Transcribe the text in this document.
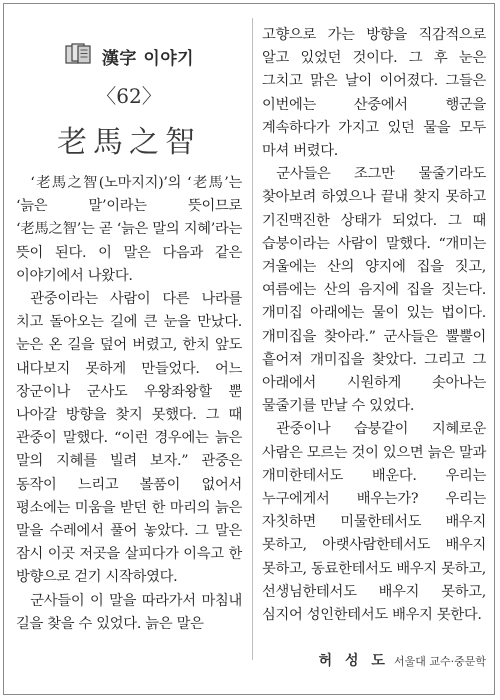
漢字 이야기
〈62〉
老馬之智

‘老馬之智(노마지지)’의 ‘老馬’는 ‘늙은 말’이라는 뜻이므로 ‘老馬之智’는 곧 ‘늙은 말의 지혜’라는 뜻이 된다. 이 말은 다음과 같은 이야기에서 나왔다.

관중이라는 사람이 다른 나라를 치고 돌아오는 길에 큰 눈을 만났다. 눈은 온 길을 덮어 버렸고, 한치 앞도 내다보지 못하게 만들었다. 어느 장군이나 군사도 우왕좌왕할 뿐 나아갈 방향을 찾지 못했다. 그 때 관중이 말했다. “이런 경우에는 늙은 말의 지혜를 빌려 보자.” 관중은 동작이 느리고 볼품이 없어서 평소에는 미움을 받던 한 마리의 늙은 말을 수레에서 풀어 놓았다. 그 말은 잠시 이곳 저곳을 살피다가 이윽고 한 방향으로 걷기 시작하였다.

군사들이 이 말을 따라가서 마침내 길을 찾을 수 있었다. 늙은 말은

고향으로 가는 방향을 직감적으로 알고 있었던 것이다. 그 후 눈은 그치고 맑은 날이 이어졌다. 그들은 이번에는 산중에서 행군을 계속하다가 가지고 있던 물을 모두 마셔 버렸다.

군사들은 조그만 물줄기라도 찾아보려 하였으나 끝내 찾지 못하고 기진맥진한 상태가 되었다. 그 때 습붕이라는 사람이 말했다. “개미는 겨울에는 산의 양지에 집을 짓고, 여름에는 산의 음지에 집을 짓는다. 개미집 아래에는 물이 있는 법이다. 개미집을 찾아라.” 군사들은 뿔뿔이 흩어져 개미집을 찾았다. 그리고 그 아래에서 시원하게 솟아나는 물줄기를 만날 수 있었다.

관중이나 습붕같이 지혜로운 사람은 모르는 것이 있으면 늙은 말과 개미한테서도 배운다. 우리는 누구에게서 배우는가? 우리는 자칫하면 미물한테서도 배우지 못하고, 아랫사람한테서도 배우지 못하고, 동료한테서도 배우지 못하고, 선생님한테서도 배우지 못하고, 심지어 성인한테서도 배우지 못한다.

허 성 도 서울대 교수·중문학
